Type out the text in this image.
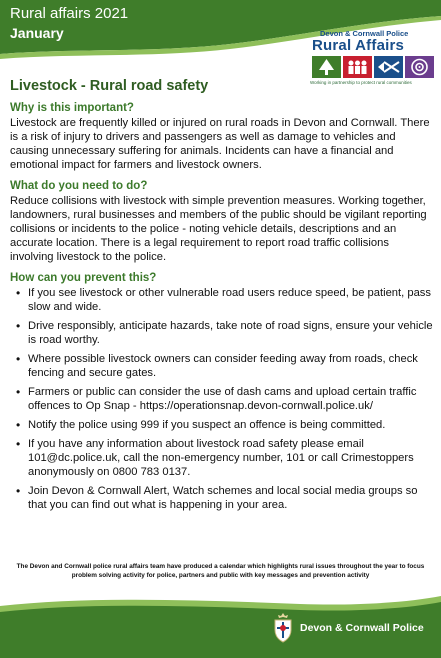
Rural affairs 2021
January	Devon & Cornwall Police
Rural Affairs
Working in partnership to protect rural communities
Livestock - Rural road safety
Why is this important?

Livestock are frequently killed or injured on rural roads in Devon and Cornwall. There is a risk of injury to drivers and passengers as well as damage to vehicles and causing unnecessary suffering for animals. Incidents can have a financial and emotional impact for farmers and livestock owners.

What do you need to do?

Reduce collisions with livestock with simple prevention measures. Working together, landowners, rural businesses and members of the public should be vigilant reporting collisions or incidents to the police - noting vehicle details, descriptions and an accurate location. There is a legal requirement to report road traffic collisions involving livestock to the police.

How can you prevent this?
• If you see livestock or other vulnerable road users reduce speed, be patient, pass slow and wide.
• Drive responsibly, anticipate hazards, take note of road signs, ensure your vehicle is road worthy.
• Where possible livestock owners can consider feeding away from roads, check fencing and secure gates.
• Farmers or public can consider the use of dash cams and upload certain traffic offences to Op Snap - https://operationsnap.devon-cornwall.police.uk/
• Notify the police using 999 if you suspect an offence is being committed.
• If you have any information about livestock road safety please email 101@dc.police.uk, call the non-emergency number, 101 or call Crimestoppers anonymously on 0800 783 0137.
• Join Devon & Cornwall Alert, Watch schemes and local social media groups so that you can find out what is happening in your area.
The Devon and Cornwall police rural affairs team have produced a calendar which highlights rural issues throughout the year to focus problem solving activity for police, partners and public with key messages and prevention activity
Devon & Cornwall Police
